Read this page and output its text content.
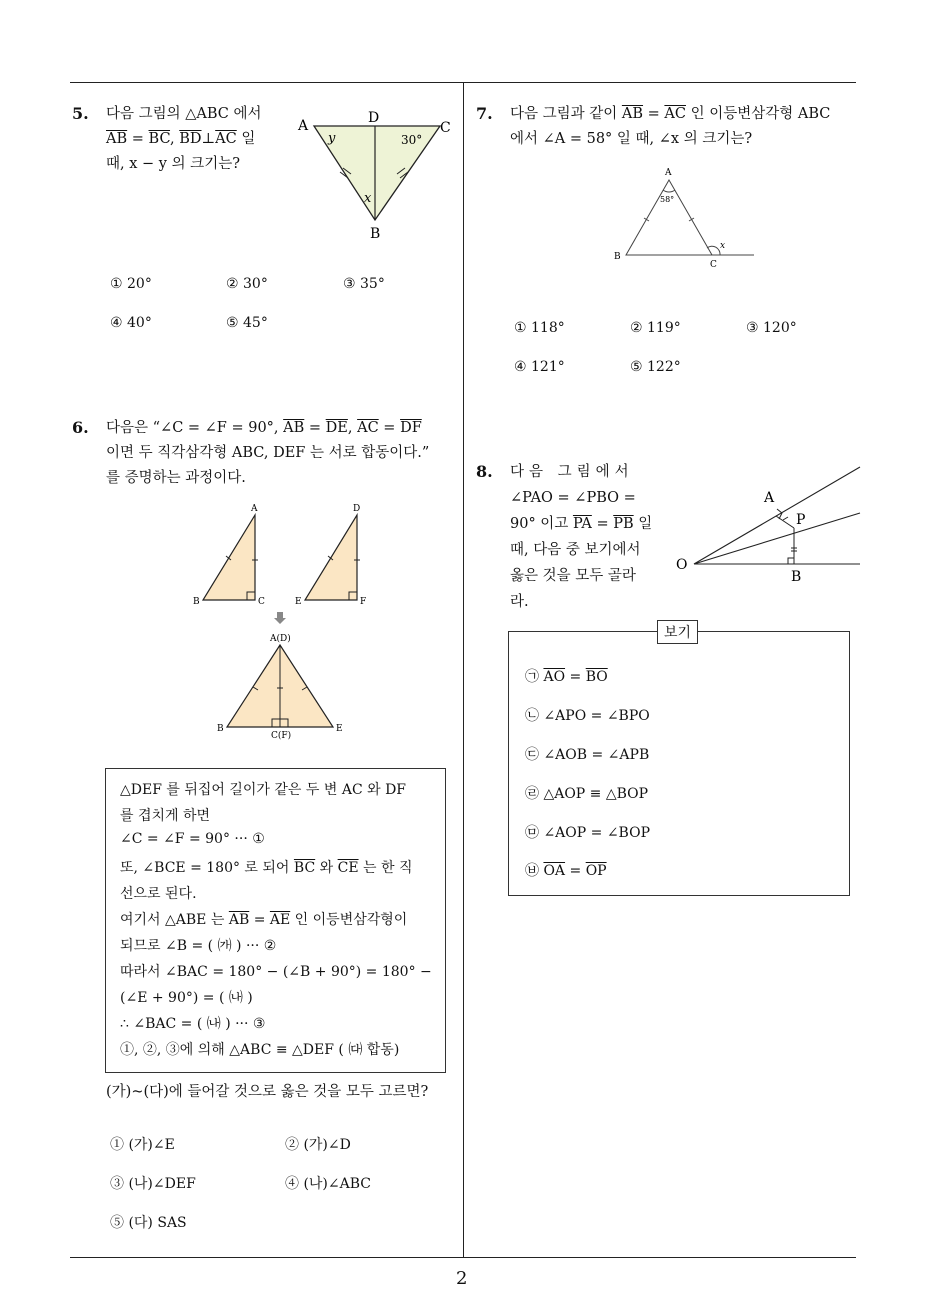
2
5. 다음 그림의 △ABC 에서
$\overline{AB} = \overline{BC}$, $\overline{BD}\perp\overline{AC}$ 일
때, x − y 의 크기는?
A	D
C
B
y
x
30°
① 20°	② 30°	③ 35°
④ 40°	⑤ 45°
6. 다음은 “∠C = ∠F = 90°, $\overline{AB} = \overline{DE}$, $\overline{AC} = \overline{DF}$
이면 두 직각삼각형 ABC, DEF 는 서로 합동이다.”
를 증명하는 과정이다.
A
B	C
D
E	F
A(D)
B	E
C(F)
△DEF 를 뒤집어 길이가 같은 두 변 AC 와 DF
를 겹치게 하면
∠C = ∠F = 90° ··· ①
또, ∠BCE = 180° 로 되어 $\overline{BC}$ 와 $\overline{CE}$ 는 한 직
선으로 된다.
여기서 △ABE 는 $\overline{AB} = \overline{AE}$ 인 이등변삼각형이
되므로 ∠B = ( ㈎ ) ··· ②
따라서 ∠BAC = 180° − (∠B + 90°) = 180° −
(∠E + 90°) = ( ㈏ )
∴ ∠BAC = ( ㈏ ) ··· ③
①, ②, ③에 의해 △ABC ≡ △DEF ( ㈐ 합동)
(가)~(다)에 들어갈 것으로 옳은 것을 모두 고르면?
① (가)∠E	② (가)∠D
③ (나)∠DEF	④ (나)∠ABC
⑤ (다) SAS
7. 다음 그림과 같이 $\overline{AB} = \overline{AC}$ 인 이등변삼각형 ABC
에서 ∠A = 58° 일 때, ∠x 의 크기는?
A
B
C
x
58°
① 118°	② 119°	③ 120°
④ 121°	⑤ 122°
8. 다음 그림에서
∠PAO = ∠PBO =
90° 이고 $\overline{PA} = \overline{PB}$ 일
때, 다음 중 보기에서
옳은 것을 모두 골라
라.
O
A
P
B
㉠ $\overline{AO} = \overline{BO}$
㉡ ∠APO = ∠BPO
㉢ ∠AOB = ∠APB
㉣ △AOP ≡ △BOP
㉤ ∠AOP = ∠BOP
㉥ $\overline{OA} = \overline{OP}$
보기
